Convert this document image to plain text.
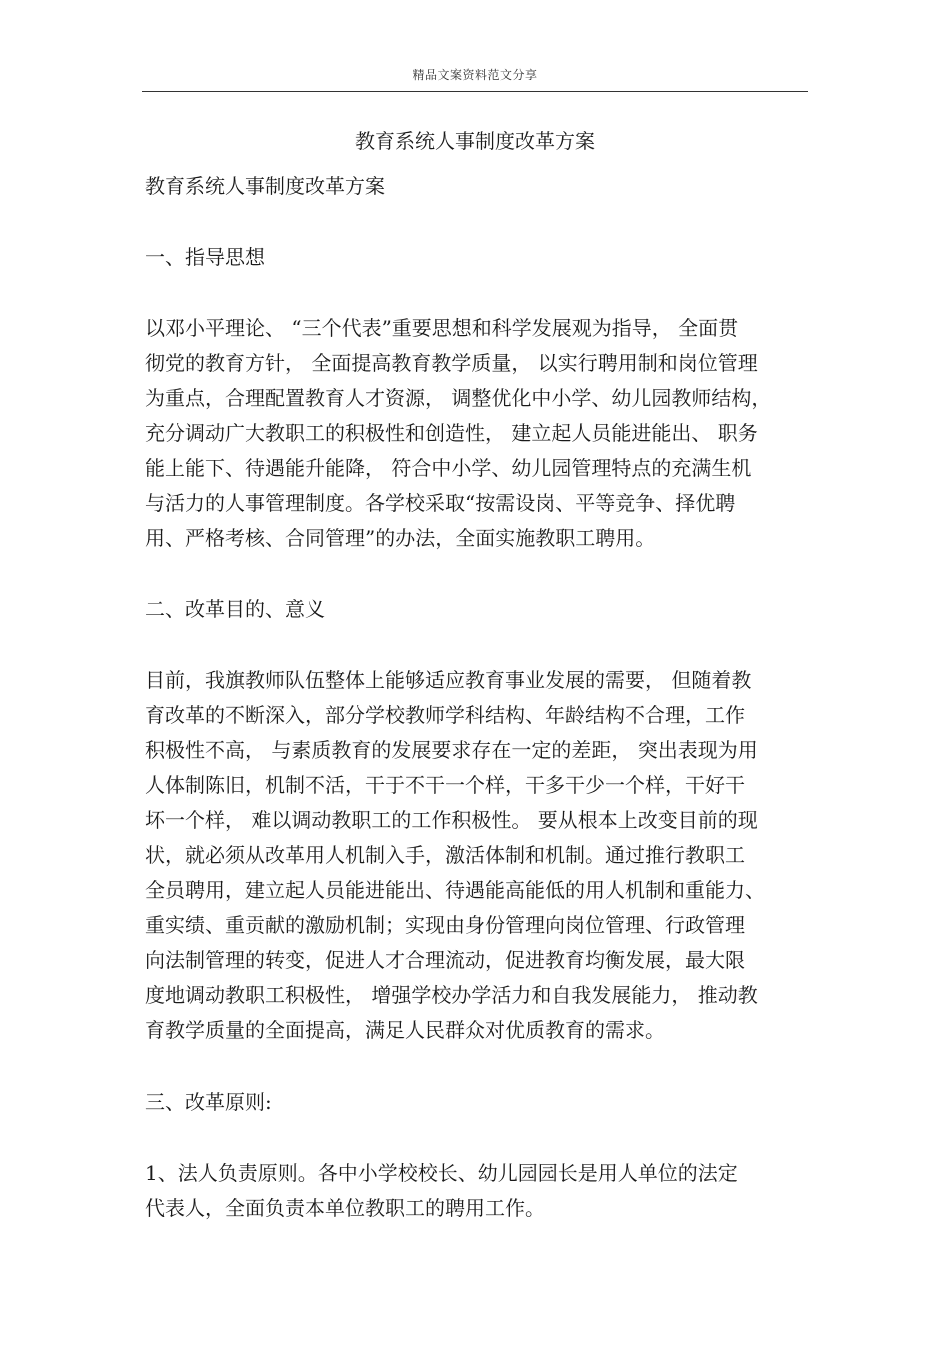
精品文案资料范文分享
教育系统人事制度改革方案

教育系统人事制度改革方案

一、指导思想

以邓小平理论、 “三个代表”重要思想和科学发展观为指导， 全面贯
彻党的教育方针， 全面提高教育教学质量， 以实行聘用制和岗位管理
为重点，合理配置教育人才资源， 调整优化中小学、幼儿园教师结构，
充分调动广大教职工的积极性和创造性， 建立起人员能进能出、 职务
能上能下、待遇能升能降， 符合中小学、幼儿园管理特点的充满生机
与活力的人事管理制度。各学校采取“按需设岗、平等竞争、择优聘
用、严格考核、合同管理”的办法，全面实施教职工聘用。

二、改革目的、意义

目前，我旗教师队伍整体上能够适应教育事业发展的需要， 但随着教
育改革的不断深入，部分学校教师学科结构、年龄结构不合理，工作
积极性不高， 与素质教育的发展要求存在一定的差距， 突出表现为用
人体制陈旧，机制不活，干于不干一个样，干多干少一个样，干好干
坏一个样， 难以调动教职工的工作积极性。 要从根本上改变目前的现
状，就必须从改革用人机制入手，激活体制和机制。通过推行教职工
全员聘用，建立起人员能进能出、待遇能高能低的用人机制和重能力、
重实绩、重贡献的激励机制；实现由身份管理向岗位管理、行政管理
向法制管理的转变，促进人才合理流动，促进教育均衡发展，最大限
度地调动教职工积极性， 增强学校办学活力和自我发展能力， 推动教
育教学质量的全面提高，满足人民群众对优质教育的需求。

三、改革原则:

1、法人负责原则。各中小学校校长、幼儿园园长是用人单位的法定
代表人，全面负责本单位教职工的聘用工作。
